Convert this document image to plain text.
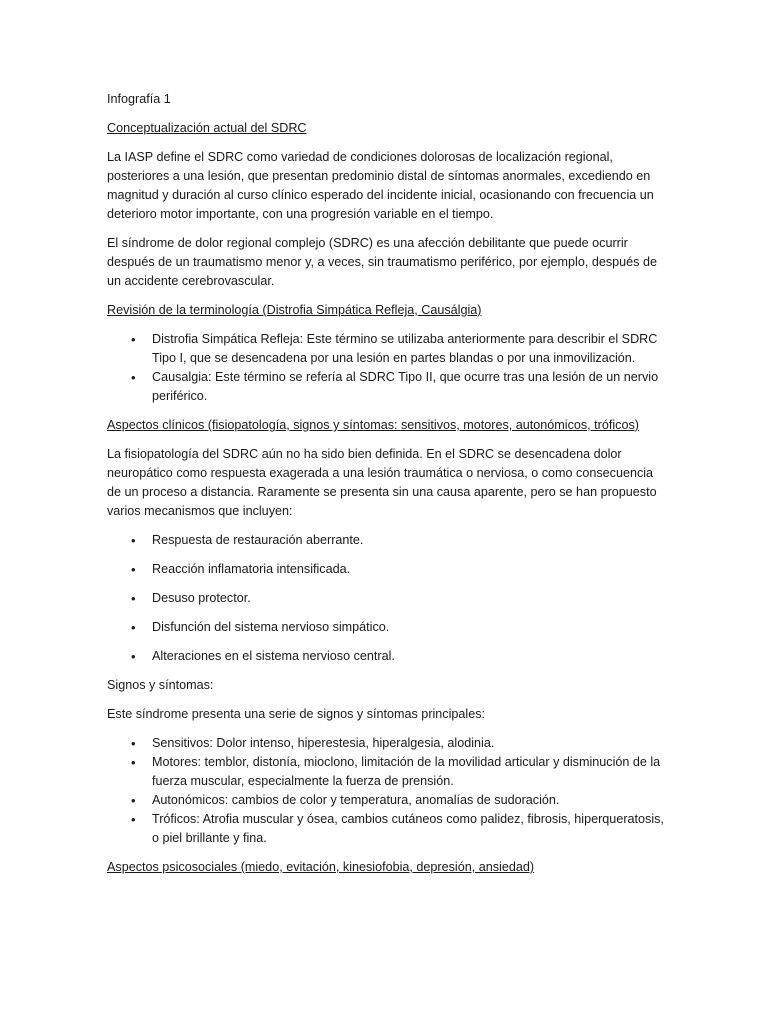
Infografía 1

Conceptualización actual del SDRC

La IASP define el SDRC como variedad de condiciones dolorosas de localización regional, posteriores a una lesión, que presentan predominio distal de síntomas anormales, excediendo en magnitud y duración al curso clínico esperado del incidente inicial, ocasionando con frecuencia un deterioro motor importante, con una progresión variable en el tiempo.

El síndrome de dolor regional complejo (SDRC) es una afección debilitante que puede ocurrir después de un traumatismo menor y, a veces, sin traumatismo periférico, por ejemplo, después de un accidente cerebrovascular.

Revisión de la terminología (Distrofia Simpática Refleja, Causálgia)

• Distrofia Simpática Refleja: Este término se utilizaba anteriormente para describir el SDRC Tipo I, que se desencadena por una lesión en partes blandas o por una inmovilización.
• Causalgia: Este término se refería al SDRC Tipo II, que ocurre tras una lesión de un nervio periférico.

Aspectos clínicos (fisiopatología, signos y síntomas: sensitivos, motores, autonómicos, tróficos)

La fisiopatología del SDRC aún no ha sido bien definida. En el SDRC se desencadena dolor neuropático como respuesta exagerada a una lesión traumática o nerviosa, o como consecuencia de un proceso a distancia. Raramente se presenta sin una causa aparente, pero se han propuesto varios mecanismos que incluyen:

• Respuesta de restauración aberrante.
• Reacción inflamatoria intensificada.
• Desuso protector.
• Disfunción del sistema nervioso simpático.
• Alteraciones en el sistema nervioso central.

Signos y síntomas:

Este síndrome presenta una serie de signos y síntomas principales:

• Sensitivos: Dolor intenso, hiperestesia, hiperalgesia, alodinia.
• Motores: temblor, distonía, mioclono, limitación de la movilidad articular y disminución de la fuerza muscular, especialmente la fuerza de prensión.
• Autonómicos: cambios de color y temperatura, anomalías de sudoración.
• Tróficos: Atrofia muscular y ósea, cambios cutáneos como palidez, fibrosis, hiperqueratosis, o piel brillante y fina.

Aspectos psicosociales (miedo, evitación, kinesiofobia, depresión, ansiedad)
